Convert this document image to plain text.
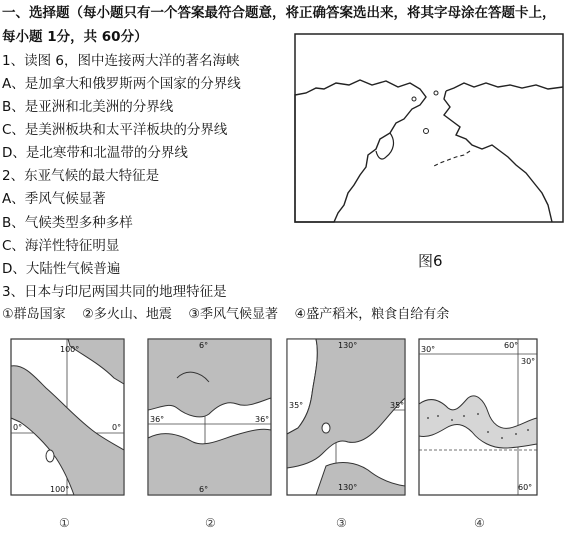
一、选择题（每小题只有一个答案最符合题意，将正确答案选出来，将其字母涂在答题卡上，
每小题 1分，共 60分）
1、读图 6，图中连接两大洋的著名海峡
A、是加拿大和俄罗斯两个国家的分界线
B、是亚洲和北美洲的分界线
C、是美洲板块和太平洋板块的分界线
D、是北寒带和北温带的分界线
2、东亚气候的最大特征是
A、季风气候显著
B、气候类型多种多样
C、海洋性特征明显
D、大陆性气候普遍
3、日本与印尼两国共同的地理特征是
①群岛国家    ②多火山、地震    ③季风气候显著    ④盛产稻米，粮食自给有余
图6
100°
0°	0°
100°
①
6°
36°	36°
6°
②
130°
35°	35°
130°
③
60°
30°
30°
60°
④
